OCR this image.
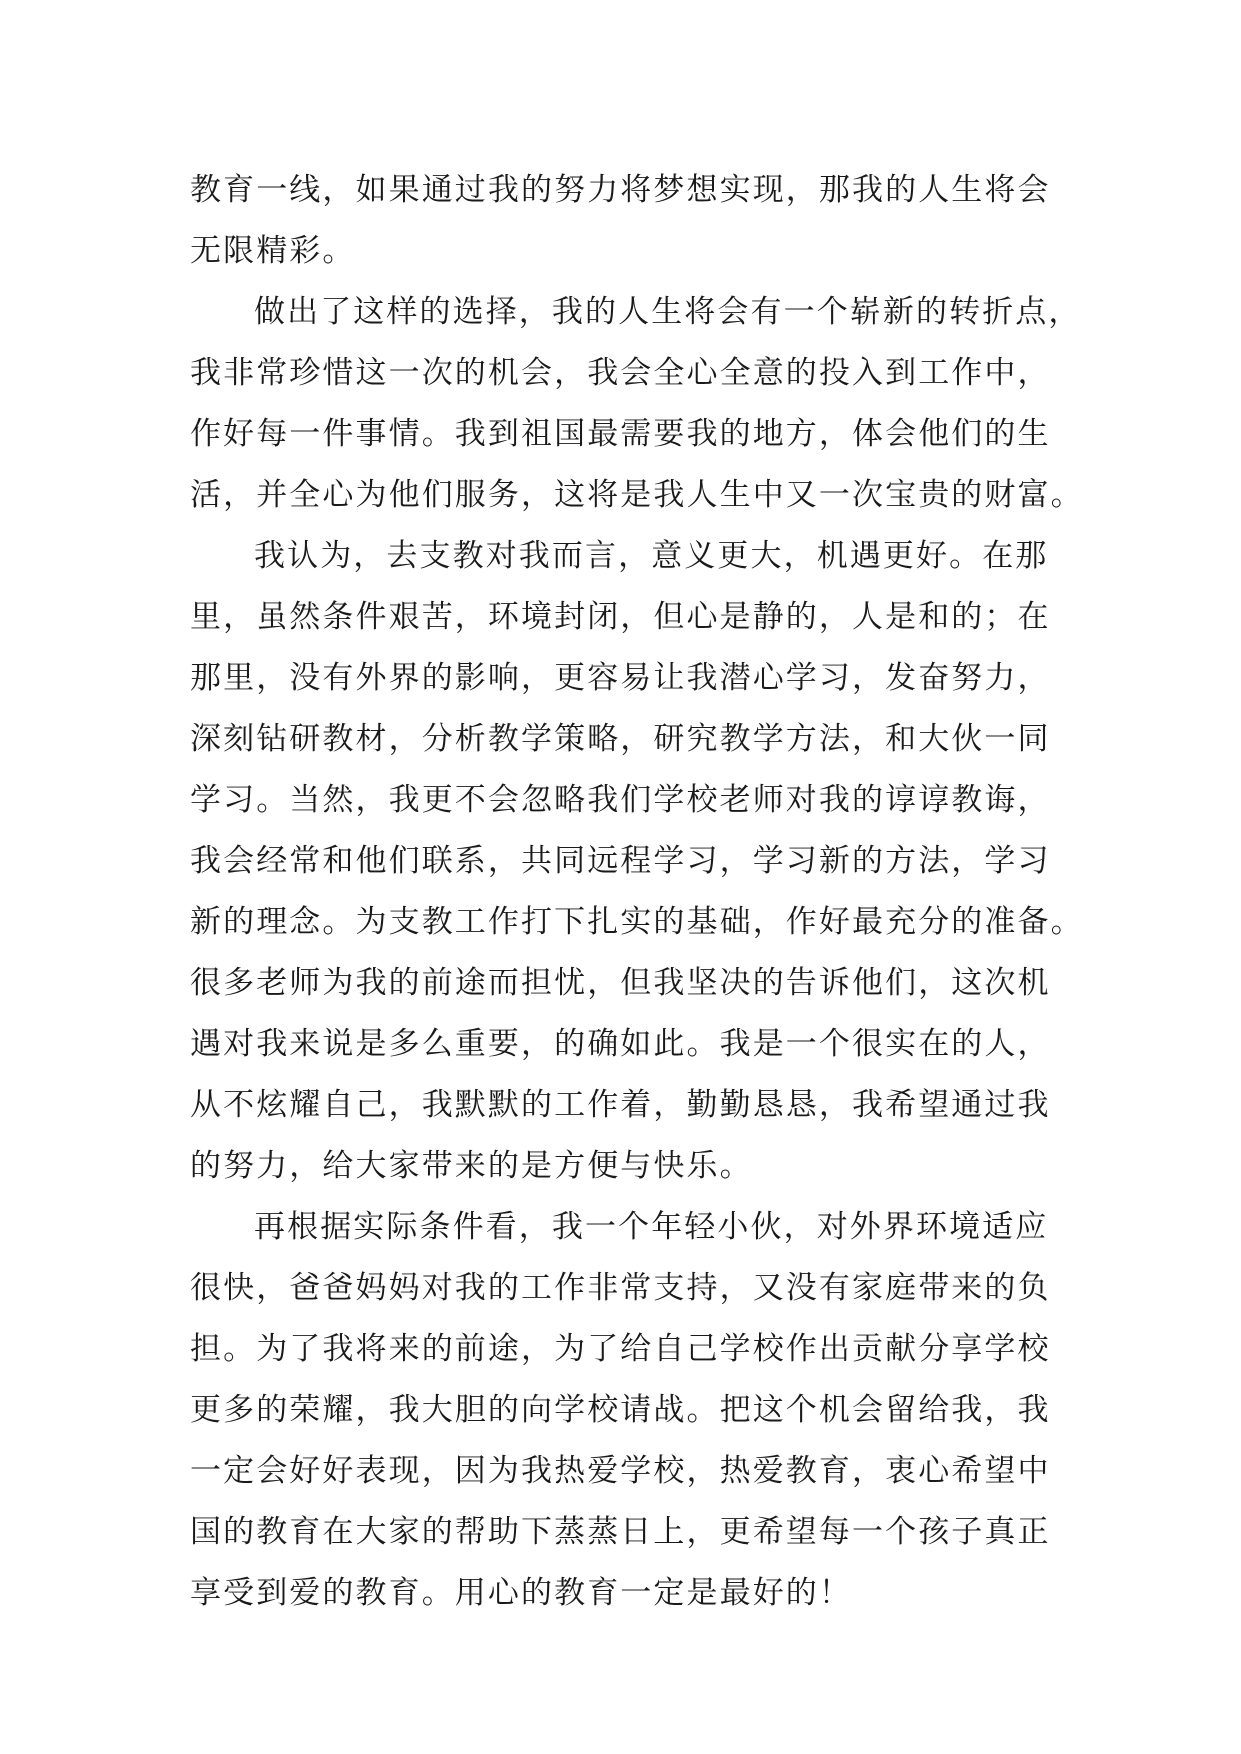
教育一线，如果通过我的努力将梦想实现，那我的人生将会
无限精彩。
做出了这样的选择，我的人生将会有一个崭新的转折点，
我非常珍惜这一次的机会，我会全心全意的投入到工作中，
作好每一件事情。我到祖国最需要我的地方，体会他们的生
活，并全心为他们服务，这将是我人生中又一次宝贵的财富。
我认为，去支教对我而言，意义更大，机遇更好。在那
里，虽然条件艰苦，环境封闭，但心是静的，人是和的；在
那里，没有外界的影响，更容易让我潜心学习，发奋努力，
深刻钻研教材，分析教学策略，研究教学方法，和大伙一同
学习。当然，我更不会忽略我们学校老师对我的谆谆教诲，
我会经常和他们联系，共同远程学习，学习新的方法，学习
新的理念。为支教工作打下扎实的基础，作好最充分的准备。
很多老师为我的前途而担忧，但我坚决的告诉他们，这次机
遇对我来说是多么重要，的确如此。我是一个很实在的人，
从不炫耀自己，我默默的工作着，勤勤恳恳，我希望通过我
的努力，给大家带来的是方便与快乐。
再根据实际条件看，我一个年轻小伙，对外界环境适应
很快，爸爸妈妈对我的工作非常支持，又没有家庭带来的负
担。为了我将来的前途，为了给自己学校作出贡献分享学校
更多的荣耀，我大胆的向学校请战。把这个机会留给我，我
一定会好好表现，因为我热爱学校，热爱教育，衷心希望中
国的教育在大家的帮助下蒸蒸日上，更希望每一个孩子真正
享受到爱的教育。用心的教育一定是最好的！
